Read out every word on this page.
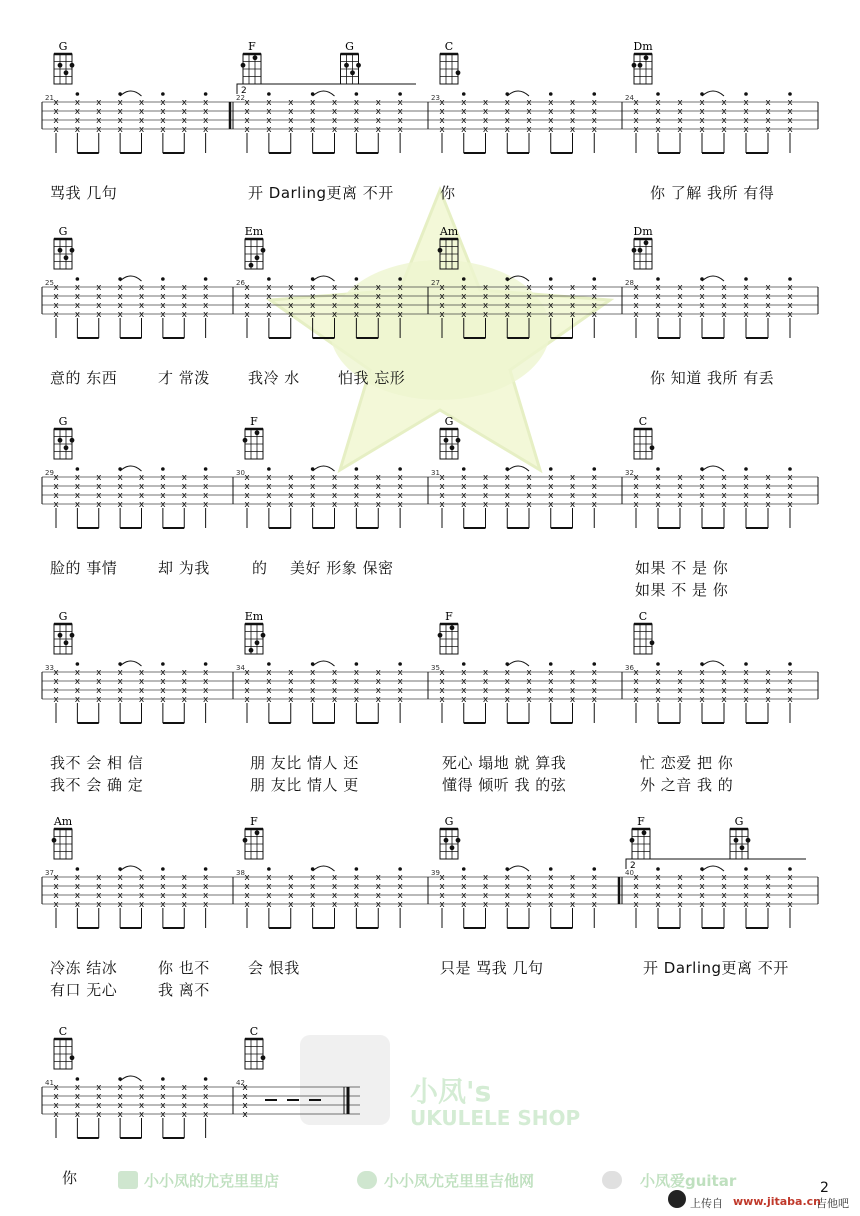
小凤's
UKULELE SHOP
21
G
x
x
x
x
x
x
x
x
x
x
x
x
x
x
x
x
x
x
x
x
x
x
x
x
x
x
x
x
x
x
x
x
22
F	G
2
x
x
x
x
x
x
x
x
x
x
x
x
x
x
x
x
x
x
x
x
x
x
x
x
x
x
x
x
x
x
x
x
23
C
x
x
x
x
x
x
x
x
x
x
x
x
x
x
x
x
x
x
x
x
x
x
x
x
x
x
x
x
x
x
x
x
24
Dm
x
x
x
x
x
x
x
x
x
x
x
x
x
x
x
x
x
x
x
x
x
x
x
x
x
x
x
x
x
x
x
x
骂我 几句	开 Darling更离 不开	你	你 了解 我所 有得
25
G
x
x
x
x
x
x
x
x
x
x
x
x
x
x
x
x
x
x
x
x
x
x
x
x
x
x
x
x
x
x
x
x
26
Em
x
x
x
x
x
x
x
x
x
x
x
x
x
x
x
x
x
x
x
x
x
x
x
x
x
x
x
x
x
x
x
x
27
Am
x
x
x
x
x
x
x
x
x
x
x
x
x
x
x
x
x
x
x
x
x
x
x
x
x
x
x
x
x
x
x
x
28
Dm
x
x
x
x
x
x
x
x
x
x
x
x
x
x
x
x
x
x
x
x
x
x
x
x
x
x
x
x
x
x
x
x
意的 东西	才 常泼	我冷 水	怕我 忘形	你 知道 我所 有丢
29
G
x
x
x
x
x
x
x
x
x
x
x
x
x
x
x
x
x
x
x
x
x
x
x
x
x
x
x
x
x
x
x
x
30
F
x
x
x
x
x
x
x
x
x
x
x
x
x
x
x
x
x
x
x
x
x
x
x
x
x
x
x
x
x
x
x
x
31
G
x
x
x
x
x
x
x
x
x
x
x
x
x
x
x
x
x
x
x
x
x
x
x
x
x
x
x
x
x
x
x
x
32
C
x
x
x
x
x
x
x
x
x
x
x
x
x
x
x
x
x
x
x
x
x
x
x
x
x
x
x
x
x
x
x
x
脸的 事情	却 为我	的 美好 形象 保密	如果 不 是 你
如果 不 是 你
33
G
x
x
x
x
x
x
x
x
x
x
x
x
x
x
x
x
x
x
x
x
x
x
x
x
x
x
x
x
x
x
x
x
34
Em
x
x
x
x
x
x
x
x
x
x
x
x
x
x
x
x
x
x
x
x
x
x
x
x
x
x
x
x
x
x
x
x
35
F
x
x
x
x
x
x
x
x
x
x
x
x
x
x
x
x
x
x
x
x
x
x
x
x
x
x
x
x
x
x
x
x
36
C
x
x
x
x
x
x
x
x
x
x
x
x
x
x
x
x
x
x
x
x
x
x
x
x
x
x
x
x
x
x
x
x
我不 会 相 信	朋 友比 情人 还	死心 塌地 就 算我	忙 恋爱 把 你
我不 会 确 定	朋 友比 情人 更	懂得 倾听 我 的弦	外 之音 我 的
37
Am
x
x
x
x
x
x
x
x
x
x
x
x
x
x
x
x
x
x
x
x
x
x
x
x
x
x
x
x
x
x
x
x
38
F
x
x
x
x
x
x
x
x
x
x
x
x
x
x
x
x
x
x
x
x
x
x
x
x
x
x
x
x
x
x
x
x
39
G
x
x
x
x
x
x
x
x
x
x
x
x
x
x
x
x
x
x
x
x
x
x
x
x
x
x
x
x
x
x
x
x
40
F	G
2
x
x
x
x
x
x
x
x
x
x
x
x
x
x
x
x
x
x
x
x
x
x
x
x
x
x
x
x
x
x
x
x
冷冻 结冰	你 也不	会 恨我	只是 骂我 几句	开 Darling更离 不开
有口 无心	我 离不
41
C
x
x
x
x
x
x
x
x
x
x
x
x
x
x
x
x
x
x
x
x
x
x
x
x
x
x
x
x
x
x
x
x
42
C
x
x
x
x
你	小小凤的尤克里里店	小小凤尤克里里吉他网	小凤爱guitar
上传自 www.jitaba.cn
吉他吧
2
